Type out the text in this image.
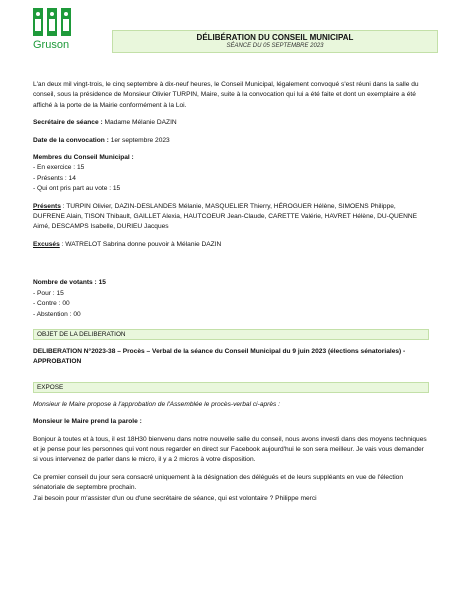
Gruson
DÉLIBÉRATION DU CONSEIL MUNICIPAL
SÉANCE DU 05 SEPTEMBRE 2023

L'an deux mil vingt-trois, le cinq septembre à dix-neuf heures, le Conseil Municipal, légalement convoqué s'est réuni dans la salle du conseil, sous la présidence de Monsieur Olivier TURPIN, Maire, suite à la convocation qui lui a été faite et dont un exemplaire a été affiché à la porte de la Mairie conformément à la Loi.

Secrétaire de séance : Madame Mélanie DAZIN

Date de la convocation : 1er septembre 2023

Membres du Conseil Municipal :

- En exercice : 15

- Présents : 14

- Qui ont pris part au vote : 15

Présents : TURPIN Olivier, DAZIN-DESLANDES Mélanie, MASQUELIER Thierry, HÉROGUER Hélène, SIMOENS Philippe, DUFRENE Alain, TISON Thibault, GAILLET Alexia, HAUTCOEUR Jean-Claude, CARETTE Valérie, HAVRET Hélène, DU-QUENNE Aimé, DESCAMPS Isabelle, DURIEU Jacques

Excusés : WATRELOT Sabrina donne pouvoir à Mélanie DAZIN

Nombre de votants : 15

- Pour : 15

- Contre : 00

- Abstention : 00

OBJET DE LA DELIBERATION

DELIBERATION N°2023-38 – Procès – Verbal de la séance du Conseil Municipal du 9 juin 2023 (élections sénatoriales) - APPROBATION

EXPOSE

Monsieur le Maire propose à l'approbation de l'Assemblée le procès-verbal ci-après :

Monsieur le Maire prend la parole :

Bonjour à toutes et à tous, il est 18H30 bienvenu dans notre nouvelle salle du conseil, nous avons investi dans des moyens techniques et je pense pour les personnes qui vont nous regarder en direct sur Facebook aujourd'hui le son sera meilleur. Je vais vous demander si vous intervenez de parler dans le micro, il y a 2 micros à votre disposition.

Ce premier conseil du jour sera consacré uniquement à la désignation des délégués et de leurs suppléants en vue de l'élection sénatoriale de septembre prochain.

J'ai besoin pour m'assister d'un ou d'une secrétaire de séance, qui est volontaire ? Philippe merci
